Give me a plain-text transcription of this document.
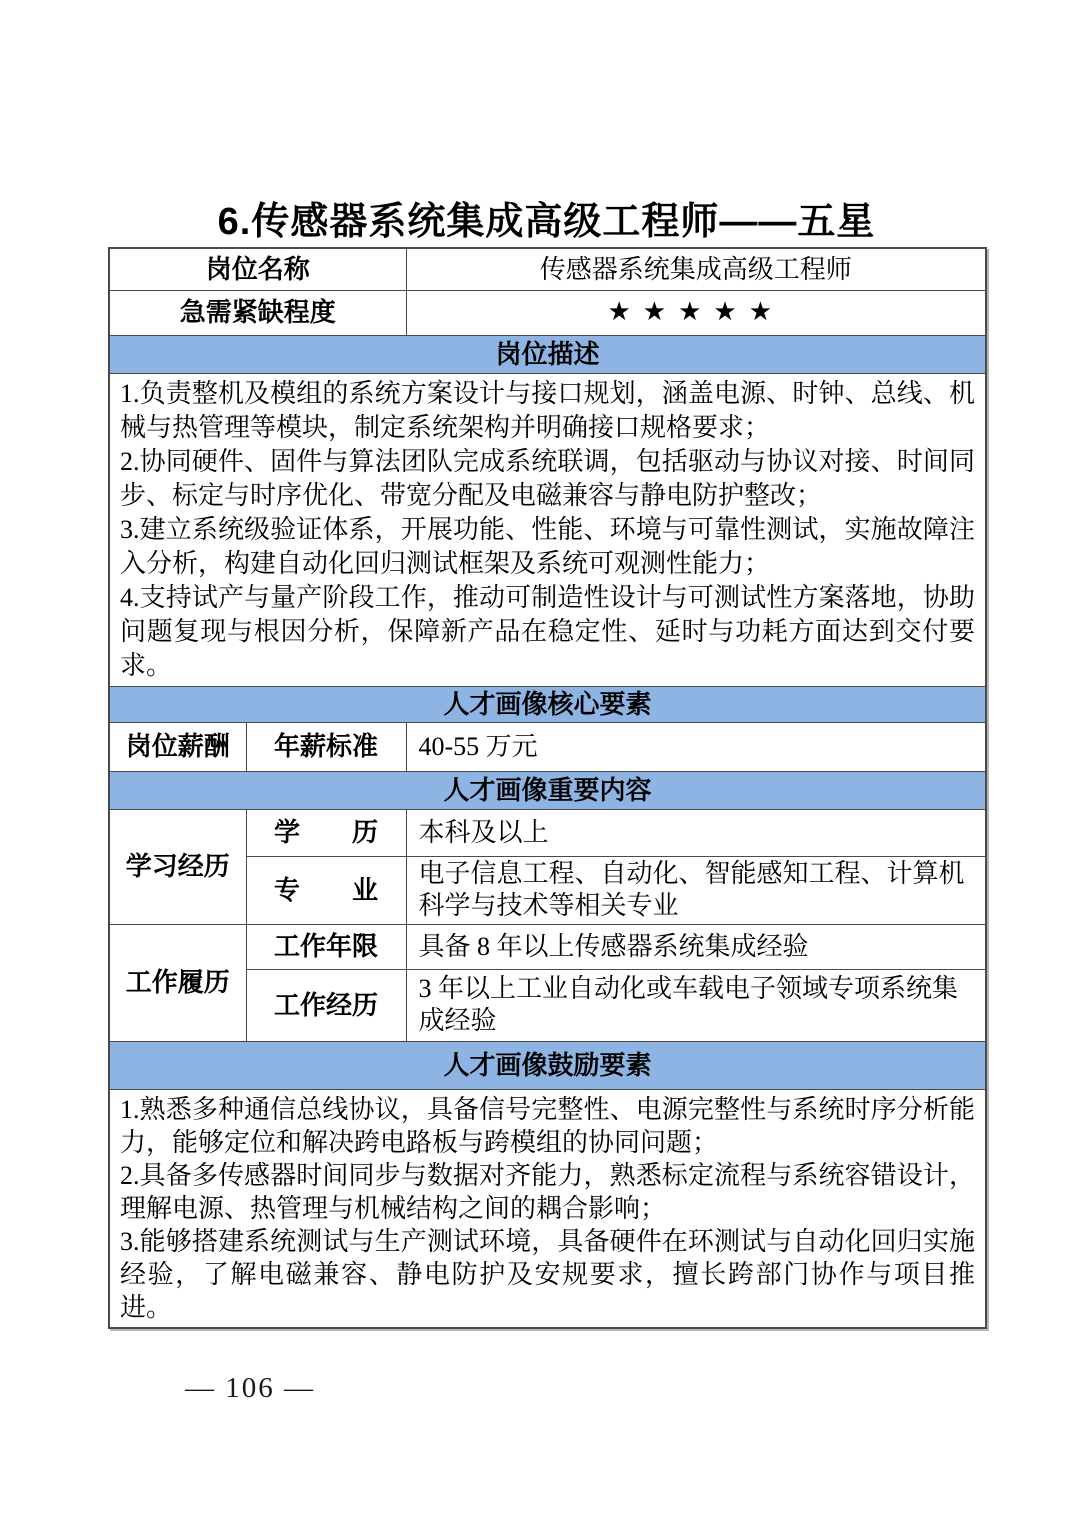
6.传感器系统集成高级工程师——五星
岗位名称		传感器系统集成高级工程师
急需紧缺程度		★★★★★
岗位描述		

1.负责整机及模组的系统方案设计与接口规划，涵盖电源、时钟、总线、机械与热管理等模块，制定系统架构并明确接口规格要求；

2.协同硬件、固件与算法团队完成系统联调，包括驱动与协议对接、时间同步、标定与时序优化、带宽分配及电磁兼容与静电防护整改；

3.建立系统级验证体系，开展功能、性能、环境与可靠性测试，实施故障注入分析，构建自动化回归测试框架及系统可观测性能力；

4.支持试产与量产阶段工作，推动可制造性设计与可测试性方案落地，协助问题复现与根因分析，保障新产品在稳定性、延时与功耗方面达到交付要求。		

人才画像核心要素		
岗位薪酬	年薪标准	40-55 万元
人才画像重要内容		
学习经历	学　　历	本科及以上
	专　　业	电子信息工程、自动化、智能感知工程、计算机科学与技术等相关专业
工作履历	工作年限	具备 8 年以上传感器系统集成经验
	工作经历	3 年以上工业自动化或车载电子领域专项系统集成经验
人才画像鼓励要素		

1.熟悉多种通信总线协议，具备信号完整性、电源完整性与系统时序分析能力，能够定位和解决跨电路板与跨模组的协同问题；

2.具备多传感器时间同步与数据对齐能力，熟悉标定流程与系统容错设计，理解电源、热管理与机械结构之间的耦合影响；

3.能够搭建系统测试与生产测试环境，具备硬件在环测试与自动化回归实施经验，了解电磁兼容、静电防护及安规要求，擅长跨部门协作与项目推进。		

— 106 —
